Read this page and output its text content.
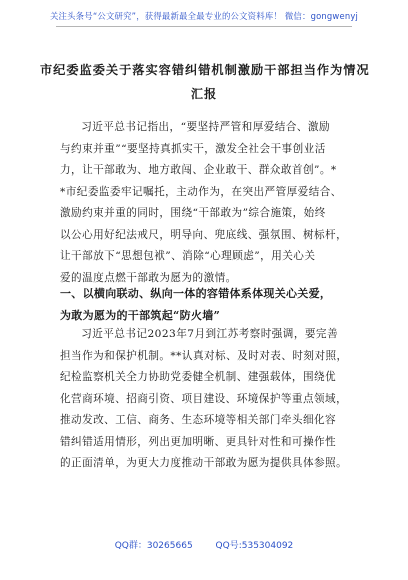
关注头条号“公文研究”，获得最新最全最专业的公文资料库！ 微信：gongwenyj
市纪委监委关于落实容错纠错机制激励干部担当作为情况
汇报
习近平总书记指出，“要坚持严管和厚爱结合、激励
与约束并重”“要坚持真抓实干，激发全社会干事创业活
力，让干部敢为、地方敢闯、企业敢干、群众敢首创”。*
*市纪委监委牢记嘱托，主动作为，在突出严管厚爱结合、
激励约束并重的同时，围绕“干部敢为”综合施策，始终
以公心用好纪法戒尺，明导向、兜底线、强氛围、树标杆，
让干部放下“思想包袱”、消除“心理顾虑”，用关心关
爱的温度点燃干部敢为愿为的激情。
一、以横向联动、纵向一体的容错体系体现关心关爱，
为敢为愿为的干部筑起“防火墙”
习近平总书记2023年7月到江苏考察时强调，要完善
担当作为和保护机制。**认真对标、及时对表、时刻对照，
纪检监察机关全力协助党委健全机制、建强载体，围绕优
化营商环境、招商引资、项目建设、环境保护等重点领域，
推动发改、工信、商务、生态环境等相关部门牵头细化容
错纠错适用情形，列出更加明晰、更具针对性和可操作性
的正面清单，为更大力度推动干部敢为愿为提供具体参照。
QQ群：30265665	QQ号:535304092
